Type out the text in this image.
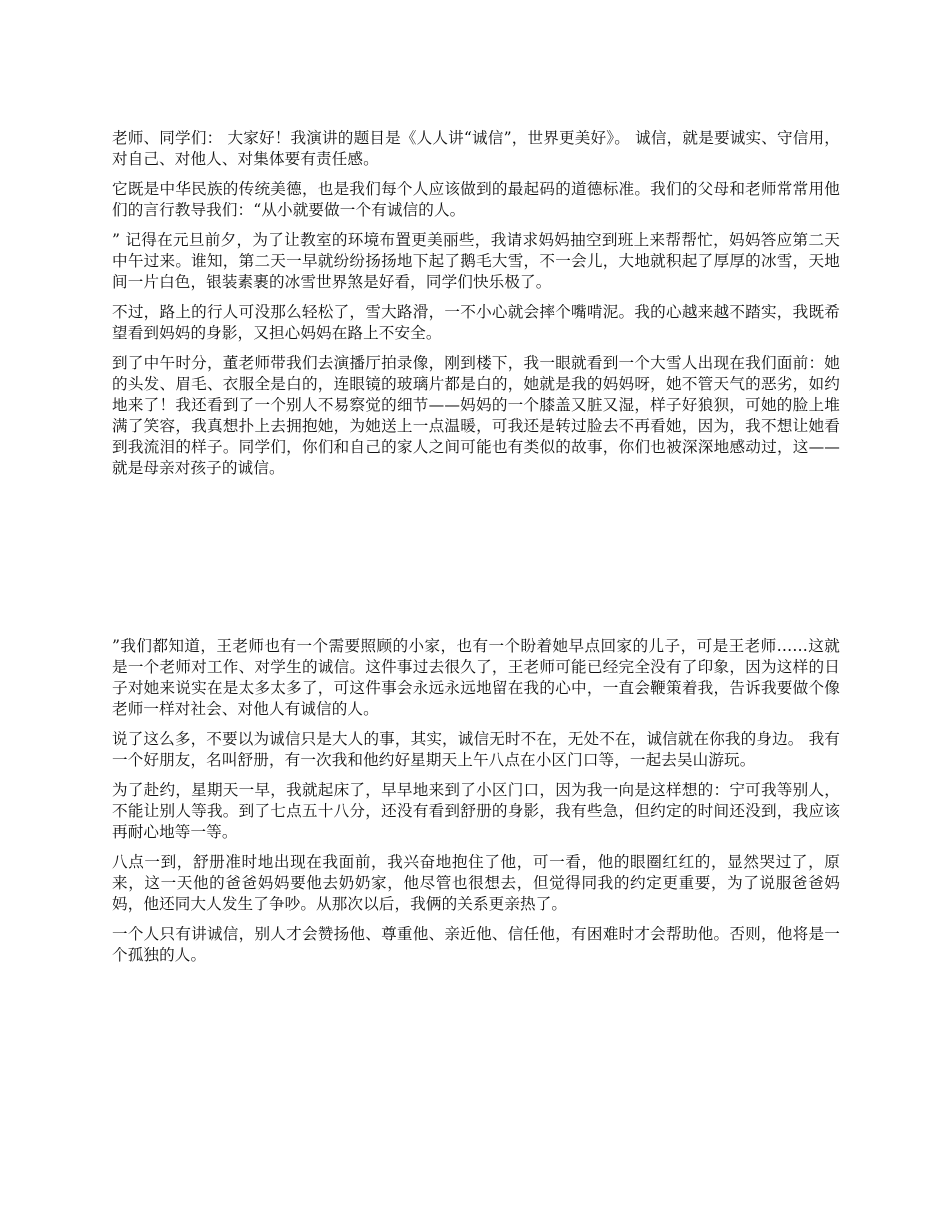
老师、同学们： 大家好！我演讲的题目是《人人讲“诚信”，世界更美好》。 诚信，就是要诚实、守信用，对自己、对他人、对集体要有责任感。

它既是中华民族的传统美德，也是我们每个人应该做到的最起码的道德标准。我们的父母和老师常常用他们的言行教导我们：“从小就要做一个有诚信的人。

” 记得在元旦前夕，为了让教室的环境布置更美丽些，我请求妈妈抽空到班上来帮帮忙，妈妈答应第二天中午过来。谁知，第二天一早就纷纷扬扬地下起了鹅毛大雪，不一会儿，大地就积起了厚厚的冰雪，天地间一片白色，银装素裹的冰雪世界煞是好看，同学们快乐极了。

不过，路上的行人可没那么轻松了，雪大路滑，一不小心就会摔个嘴啃泥。我的心越来越不踏实，我既希望看到妈妈的身影，又担心妈妈在路上不安全。

到了中午时分，董老师带我们去演播厅拍录像，刚到楼下，我一眼就看到一个大雪人出现在我们面前：她的头发、眉毛、衣服全是白的，连眼镜的玻璃片都是白的，她就是我的妈妈呀，她不管天气的恶劣，如约地来了！我还看到了一个别人不易察觉的细节——妈妈的一个膝盖又脏又湿，样子好狼狈，可她的脸上堆满了笑容，我真想扑上去拥抱她，为她送上一点温暖，可我还是转过脸去不再看她，因为，我不想让她看到我流泪的样子。同学们，你们和自己的家人之间可能也有类似的故事，你们也被深深地感动过，这——就是母亲对孩子的诚信。

”我们都知道，王老师也有一个需要照顾的小家，也有一个盼着她早点回家的儿子，可是王老师……这就是一个老师对工作、对学生的诚信。这件事过去很久了，王老师可能已经完全没有了印象，因为这样的日子对她来说实在是太多太多了，可这件事会永远永远地留在我的心中，一直会鞭策着我，告诉我要做个像老师一样对社会、对他人有诚信的人。

说了这么多，不要以为诚信只是大人的事，其实，诚信无时不在，无处不在，诚信就在你我的身边。 我有一个好朋友，名叫舒册，有一次我和他约好星期天上午八点在小区门口等，一起去吴山游玩。

为了赴约，星期天一早，我就起床了，早早地来到了小区门口，因为我一向是这样想的：宁可我等别人，不能让别人等我。到了七点五十八分，还没有看到舒册的身影，我有些急，但约定的时间还没到，我应该再耐心地等一等。

八点一到，舒册准时地出现在我面前，我兴奋地抱住了他，可一看，他的眼圈红红的，显然哭过了，原来，这一天他的爸爸妈妈要他去奶奶家，他尽管也很想去，但觉得同我的约定更重要，为了说服爸爸妈妈，他还同大人发生了争吵。从那次以后，我俩的关系更亲热了。

一个人只有讲诚信，别人才会赞扬他、尊重他、亲近他、信任他，有困难时才会帮助他。否则，他将是一个孤独的人。
